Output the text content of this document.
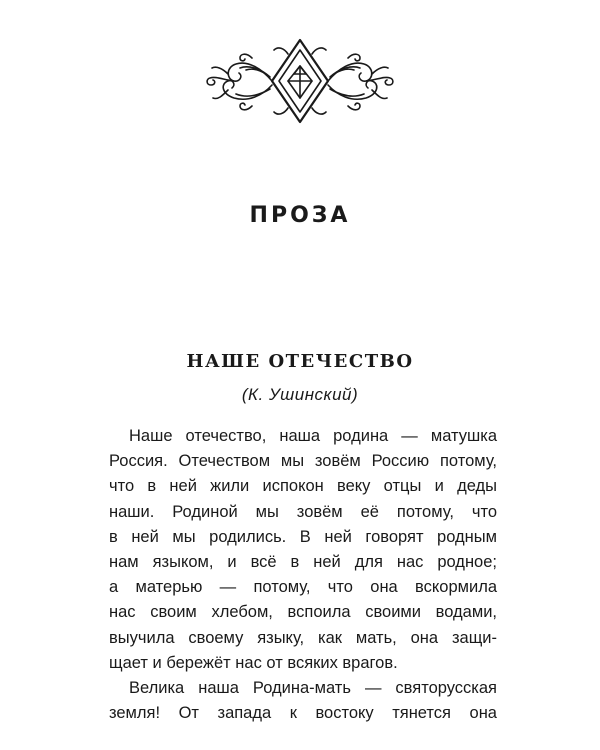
ПРОЗА
НАШЕ ОТЕЧЕСТВО
(К. Ушинский)

Наше отечество, наша родина — матушка
Россия. Отечеством мы зовём Россию потому,
что в ней жили испокон веку отцы и деды
наши. Родиной мы зовём её потому, что
в ней мы родились. В ней говорят родным
нам языком, и всё в ней для нас родное;
а матерью — потому, что она вскормила
нас своим хлебом, вспоила своими водами,
выучила своему языку, как мать, она защи-
щает и бережёт нас от всяких врагов.

Велика наша Родина-мать — святорусская
земля! От запада к востоку тянется она
